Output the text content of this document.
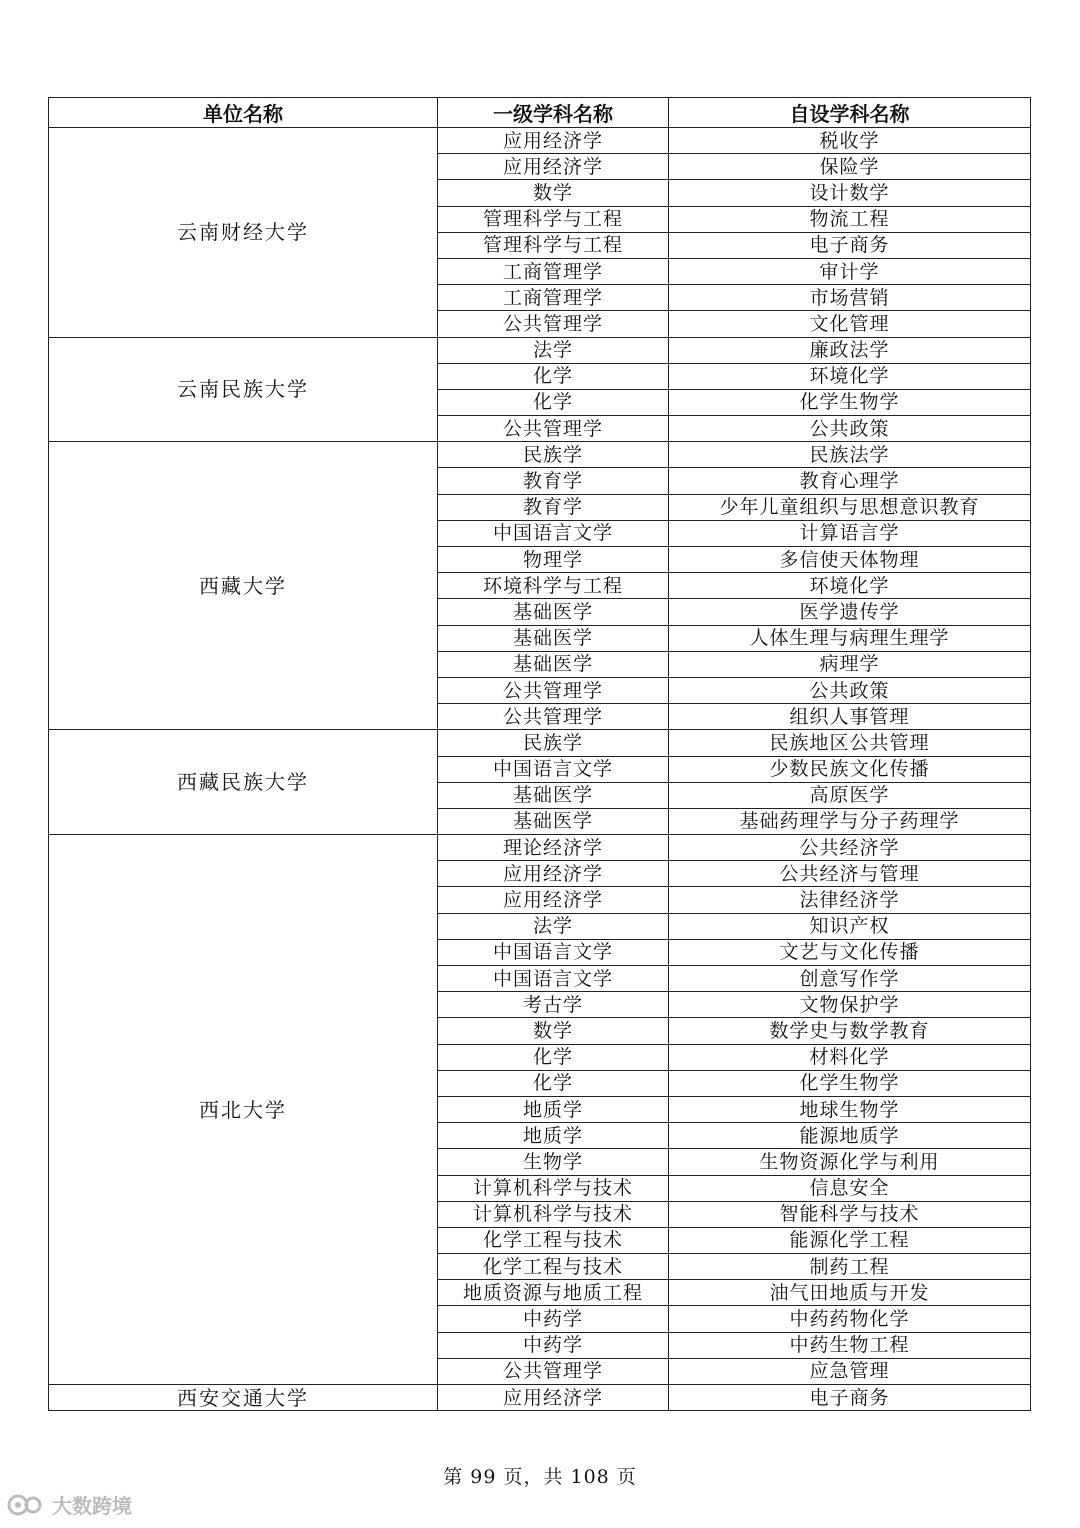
单位名称	一级学科名称	自设学科名称
云南财经大学	应用经济学	税收学
	应用经济学	保险学
	数学	设计数学
	管理科学与工程	物流工程
	管理科学与工程	电子商务
	工商管理学	审计学
	工商管理学	市场营销
	公共管理学	文化管理
云南民族大学	法学	廉政法学
	化学	环境化学
	化学	化学生物学
	公共管理学	公共政策
西藏大学	民族学	民族法学
	教育学	教育心理学
	教育学	少年儿童组织与思想意识教育
	中国语言文学	计算语言学
	物理学	多信使天体物理
	环境科学与工程	环境化学
	基础医学	医学遗传学
	基础医学	人体生理与病理生理学
	基础医学	病理学
	公共管理学	公共政策
	公共管理学	组织人事管理
西藏民族大学	民族学	民族地区公共管理
	中国语言文学	少数民族文化传播
	基础医学	高原医学
	基础医学	基础药理学与分子药理学
西北大学	理论经济学	公共经济学
	应用经济学	公共经济与管理
	应用经济学	法律经济学
	法学	知识产权
	中国语言文学	文艺与文化传播
	中国语言文学	创意写作学
	考古学	文物保护学
	数学	数学史与数学教育
	化学	材料化学
	化学	化学生物学
	地质学	地球生物学
	地质学	能源地质学
	生物学	生物资源化学与利用
	计算机科学与技术	信息安全
	计算机科学与技术	智能科学与技术
	化学工程与技术	能源化学工程
	化学工程与技术	制药工程
	地质资源与地质工程	油气田地质与开发
	中药学	中药药物化学
	中药学	中药生物工程
	公共管理学	应急管理
西安交通大学	应用经济学	电子商务
第 99 页，共 108 页
大数跨境
